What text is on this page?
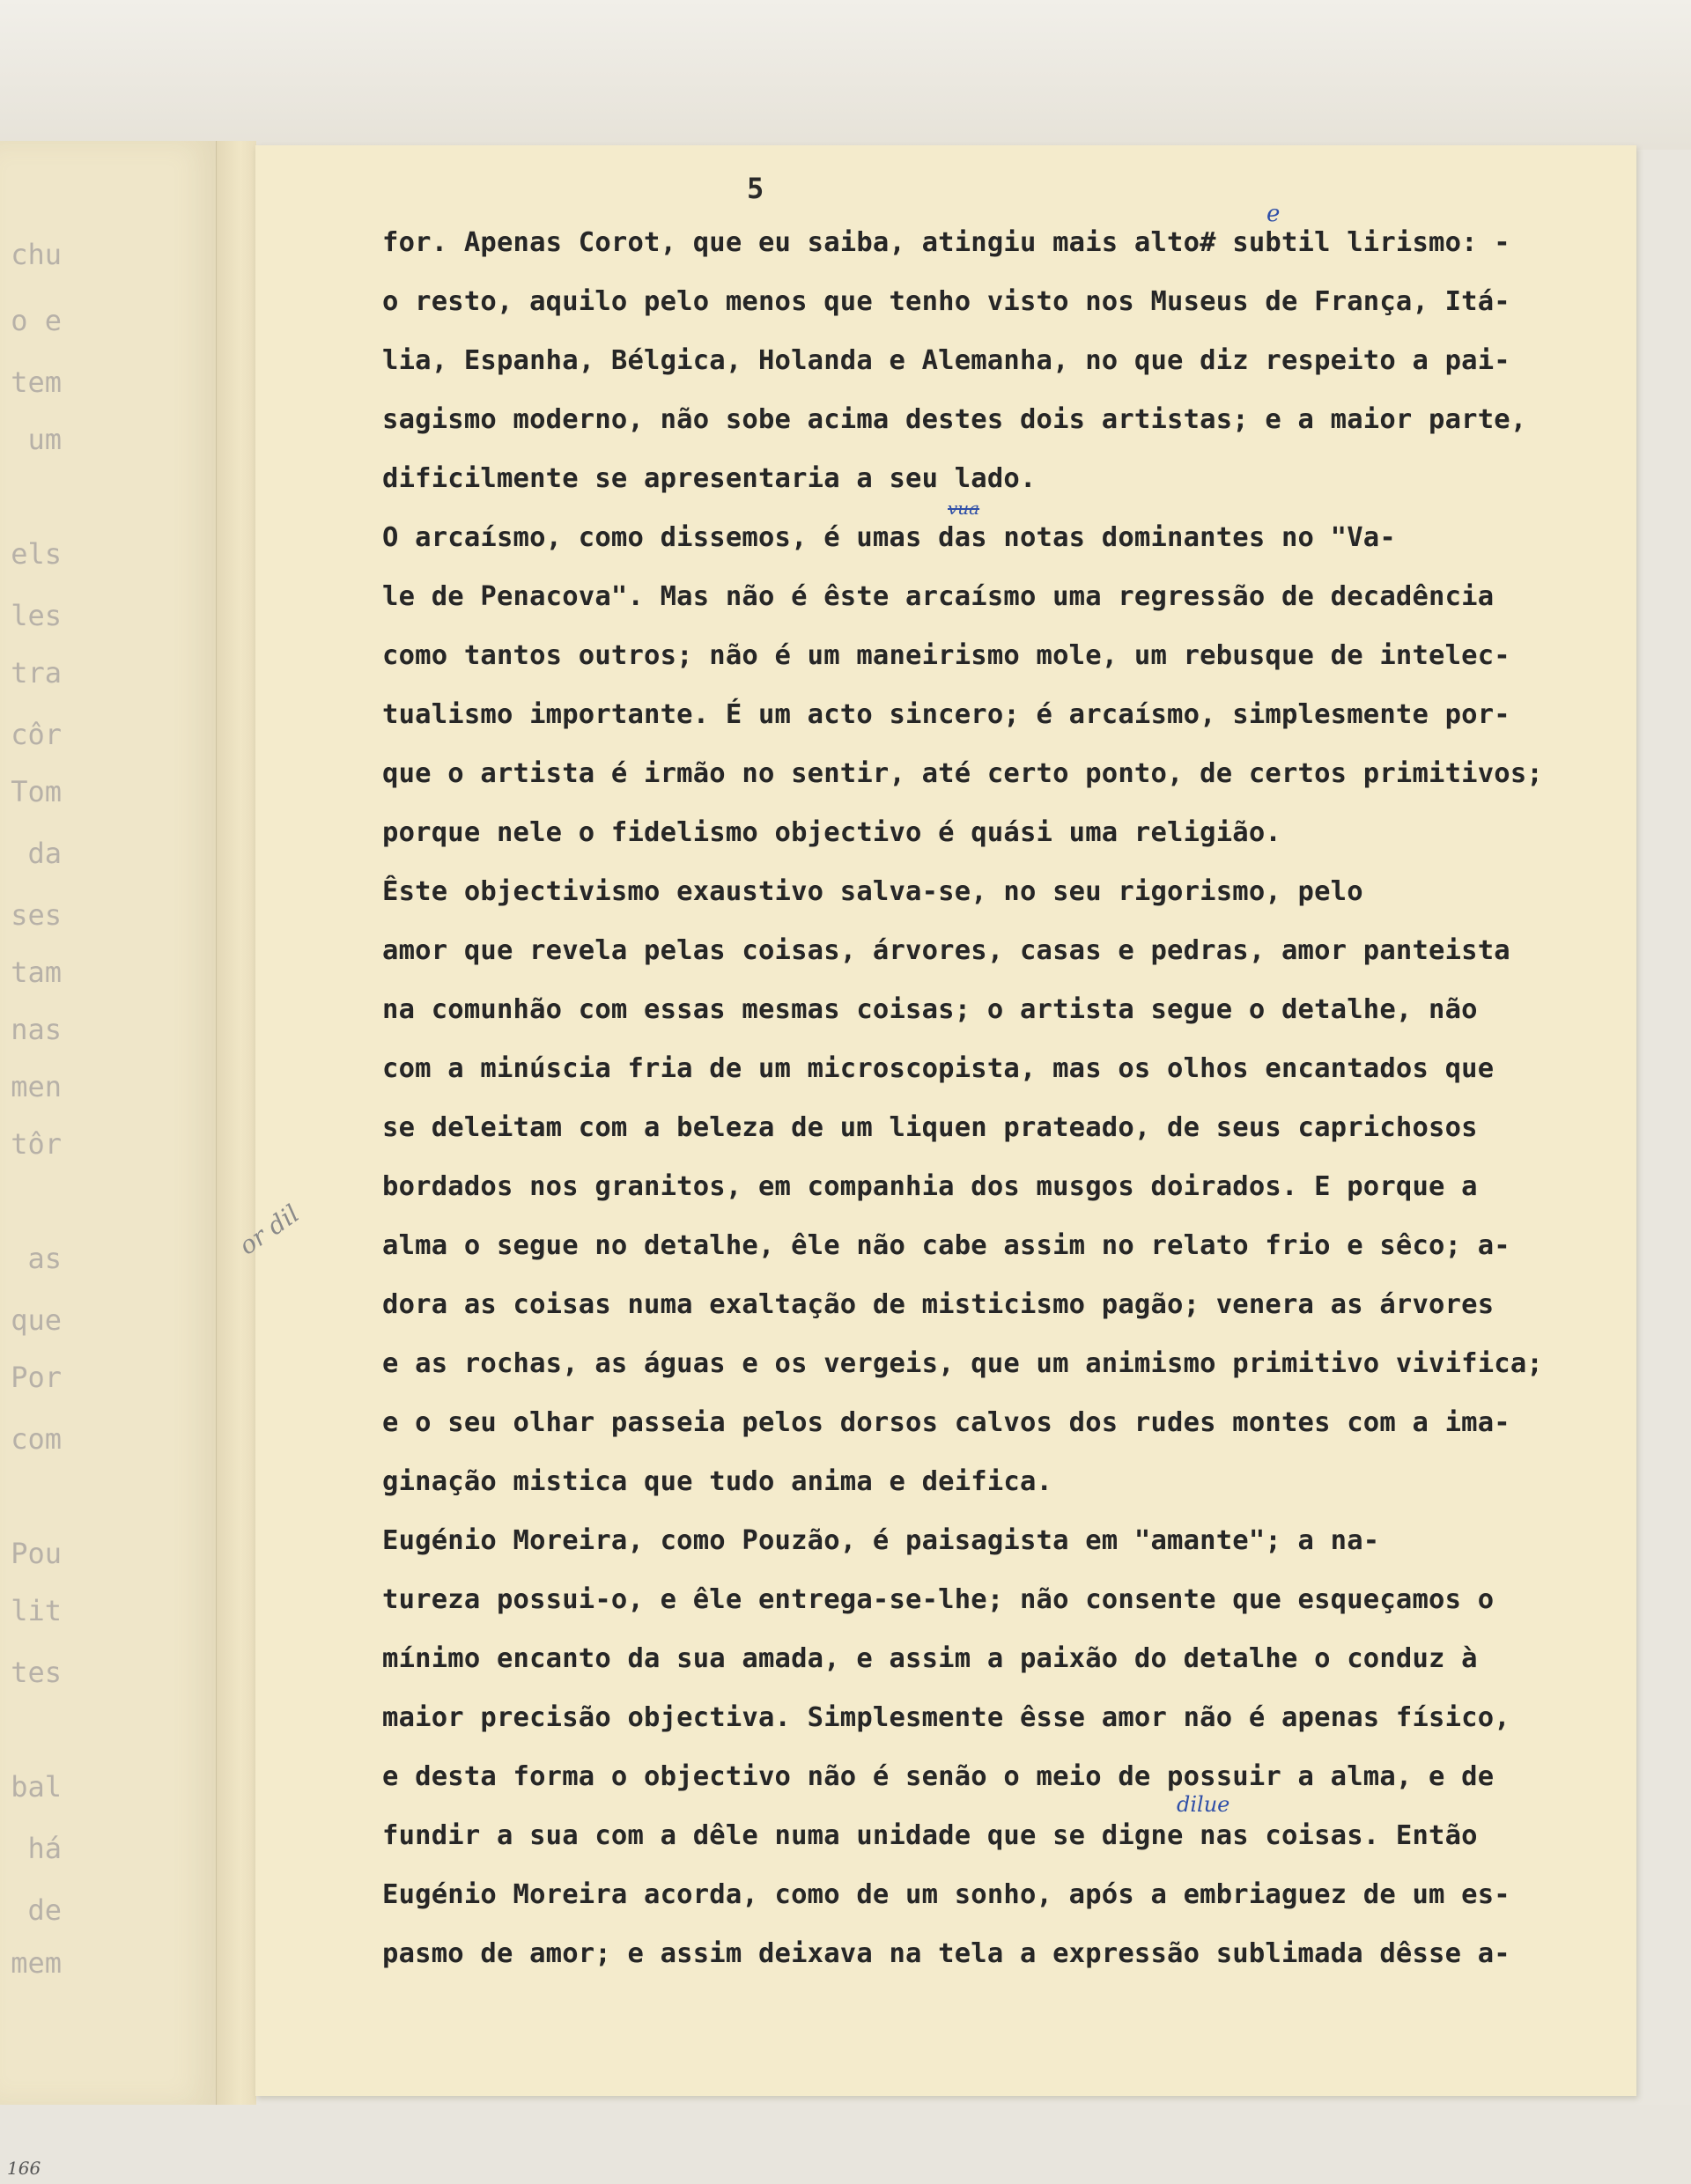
chu
o e
tem
um
els
les
tra
côr
Tom
da
ses
tam
nas
men
tôr
as
que
Por
com
Pou
lit
tes
bal
há
de
mem
5
for. Apenas Corot, que eu saiba, atingiu mais alto# subtil lirismo: -
o resto, aquilo pelo menos que tenho visto nos Museus de França, Itá-
lia, Espanha, Bélgica, Holanda e Alemanha, no que diz respeito a pai-
sagismo moderno, não sobe acima destes dois artistas; e a maior parte,
dificilmente se apresentaria a seu lado.
O arcaísmo, como dissemos, é umas das notas dominantes no "Va-
le de Penacova". Mas não é êste arcaísmo uma regressão de decadência
como tantos outros; não é um maneirismo mole, um rebusque de intelec-
tualismo importante. É um acto sincero; é arcaísmo, simplesmente por-
que o artista é irmão no sentir, até certo ponto, de certos primitivos;
porque nele o fidelismo objectivo é quási uma religião.
Êste objectivismo exaustivo salva-se, no seu rigorismo, pelo
amor que revela pelas coisas, árvores, casas e pedras, amor panteista
na comunhão com essas mesmas coisas; o artista segue o detalhe, não
com a minúscia fria de um microscopista, mas os olhos encantados que
se deleitam com a beleza de um liquen prateado, de seus caprichosos
bordados nos granitos, em companhia dos musgos doirados. E porque a
alma o segue no detalhe, êle não cabe assim no relato frio e sêco; a-
dora as coisas numa exaltação de misticismo pagão; venera as árvores
e as rochas, as águas e os vergeis, que um animismo primitivo vivifica;
e o seu olhar passeia pelos dorsos calvos dos rudes montes com a ima-
ginação mistica que tudo anima e deifica.
Eugénio Moreira, como Pouzão, é paisagista em "amante"; a na-
tureza possui-o, e êle entrega-se-lhe; não consente que esqueçamos o
mínimo encanto da sua amada, e assim a paixão do detalhe o conduz à
maior precisão objectiva. Simplesmente êsse amor não é apenas físico,
e desta forma o objectivo não é senão o meio de possuir a alma, e de
fundir a sua com a dêle numa unidade que se digne nas coisas. Então
Eugénio Moreira acorda, como de um sonho, após a embriaguez de um es-
pasmo de amor; e assim deixava na tela a expressão sublimada dêsse a-
e
vua
dilue
or dil
166
